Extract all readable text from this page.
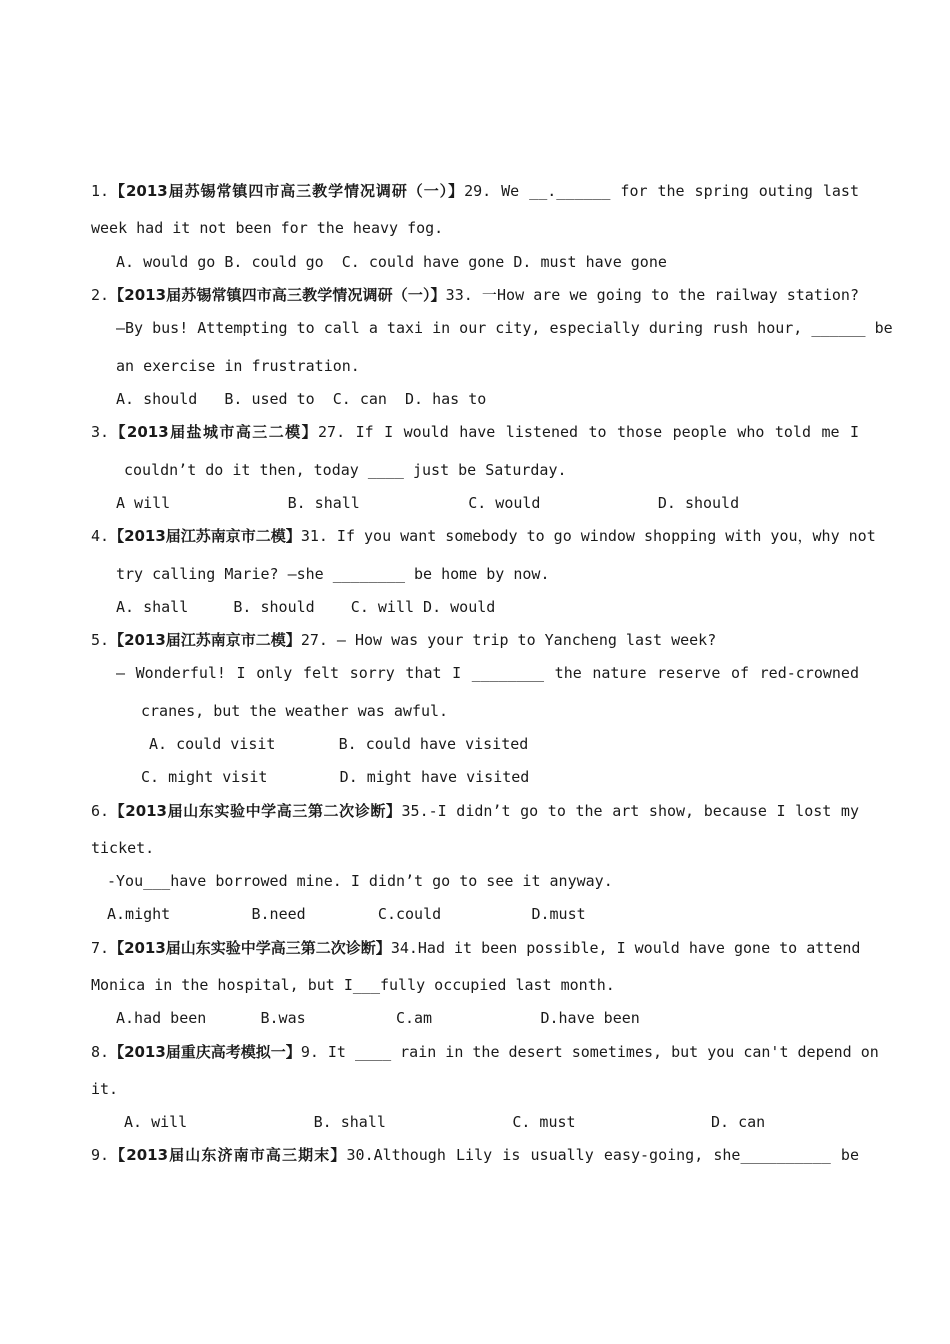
1.【2013届苏锡常镇四市高三教学情况调研（一）】29. We __.______ for the spring outing last
week had it not been for the heavy fog.
A. would go B. could go  C. could have gone D. must have gone
2.【2013届苏锡常镇四市高三教学情况调研（一）】33. 一How are we going to the railway station?
—By bus! Attempting to call a taxi in our city, especially during rush hour, ______ be
an exercise in frustration.
A. should   B. used to  C. can  D. has to
3.【2013届盐城市高三二模】27. If I would have listened to those people who told me I
couldn’t do it then, today ____ just be Saturday.
A will             B. shall            C. would             D. should
4.【2013届江苏南京市二模】31. If you want somebody to go window shopping with you，why not
try calling Marie? —she ________ be home by now.
A. shall     B. should    C. will D. would
5.【2013届江苏南京市二模】27. — How was your trip to Yancheng last week?
— Wonderful! I only felt sorry that I ________ the nature reserve of red-crowned
cranes, but the weather was awful.
A. could visit       B. could have visited
C. might visit        D. might have visited
6.【2013届山东实验中学高三第二次诊断】35.-I didn’t go to the art show, because I lost my
ticket.
-You___have borrowed mine. I didn’t go to see it anyway.
A.might         B.need        C.could          D.must
7.【2013届山东实验中学高三第二次诊断】34.Had it been possible, I would have gone to attend
Monica in the hospital, but I___fully occupied last month.
A.had been      B.was          C.am            D.have been
8.【2013届重庆高考模拟一】9. It ____ rain in the desert sometimes, but you can't depend on
it.
A. will              B. shall              C. must               D. can
9.【2013届山东济南市高三期末】30.Although Lily is usually easy-going, she__________ be
